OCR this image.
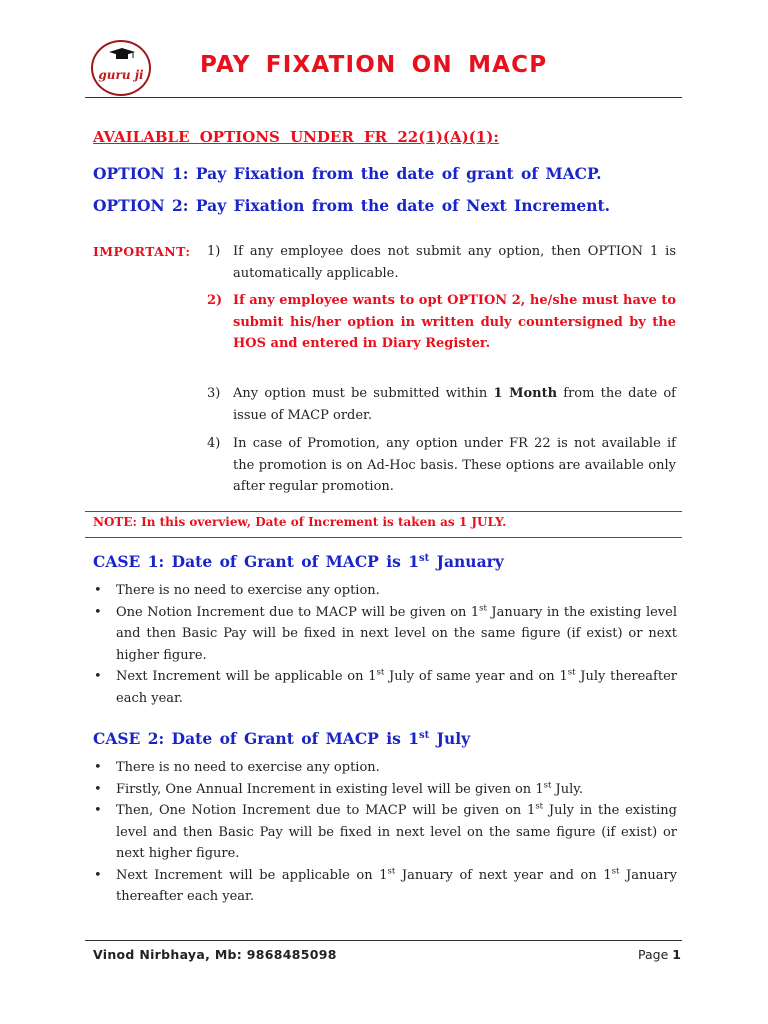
guru ji PAY FIXATION ON MACP
AVAILABLE OPTIONS UNDER FR 22(1)(A)(1):
OPTION 1: Pay Fixation from the date of grant of MACP.
OPTION 2: Pay Fixation from the date of Next Increment.
IMPORTANT: 1) If any employee does not submit any option, then OPTION 1 is automatically applicable.
2) If any employee wants to opt OPTION 2, he/she must have to submit his/her option in written duly countersigned by the HOS and entered in Diary Register.
3) Any option must be submitted within 1 Month from the date of issue of MACP order.
4) In case of Promotion, any option under FR 22 is not available if the promotion is on Ad-Hoc basis. These options are available only after regular promotion.
NOTE: In this overview, Date of Increment is taken as 1 JULY.
CASE 1: Date of Grant of MACP is 1st January
• There is no need to exercise any option.
• One Notion Increment due to MACP will be given on 1st January in the existing level and then Basic Pay will be fixed in next level on the same figure (if exist) or next higher figure.
• Next Increment will be applicable on 1st July of same year and on 1st July thereafter each year.
CASE 2: Date of Grant of MACP is 1st July
• There is no need to exercise any option.
• Firstly, One Annual Increment in existing level will be given on 1st July.
• Then, One Notion Increment due to MACP will be given on 1st July in the existing level and then Basic Pay will be fixed in next level on the same figure (if exist) or next higher figure.
• Next Increment will be applicable on 1st January of next year and on 1st January thereafter each year.
Vinod Nirbhaya, Mb: 9868485098	Page 1
